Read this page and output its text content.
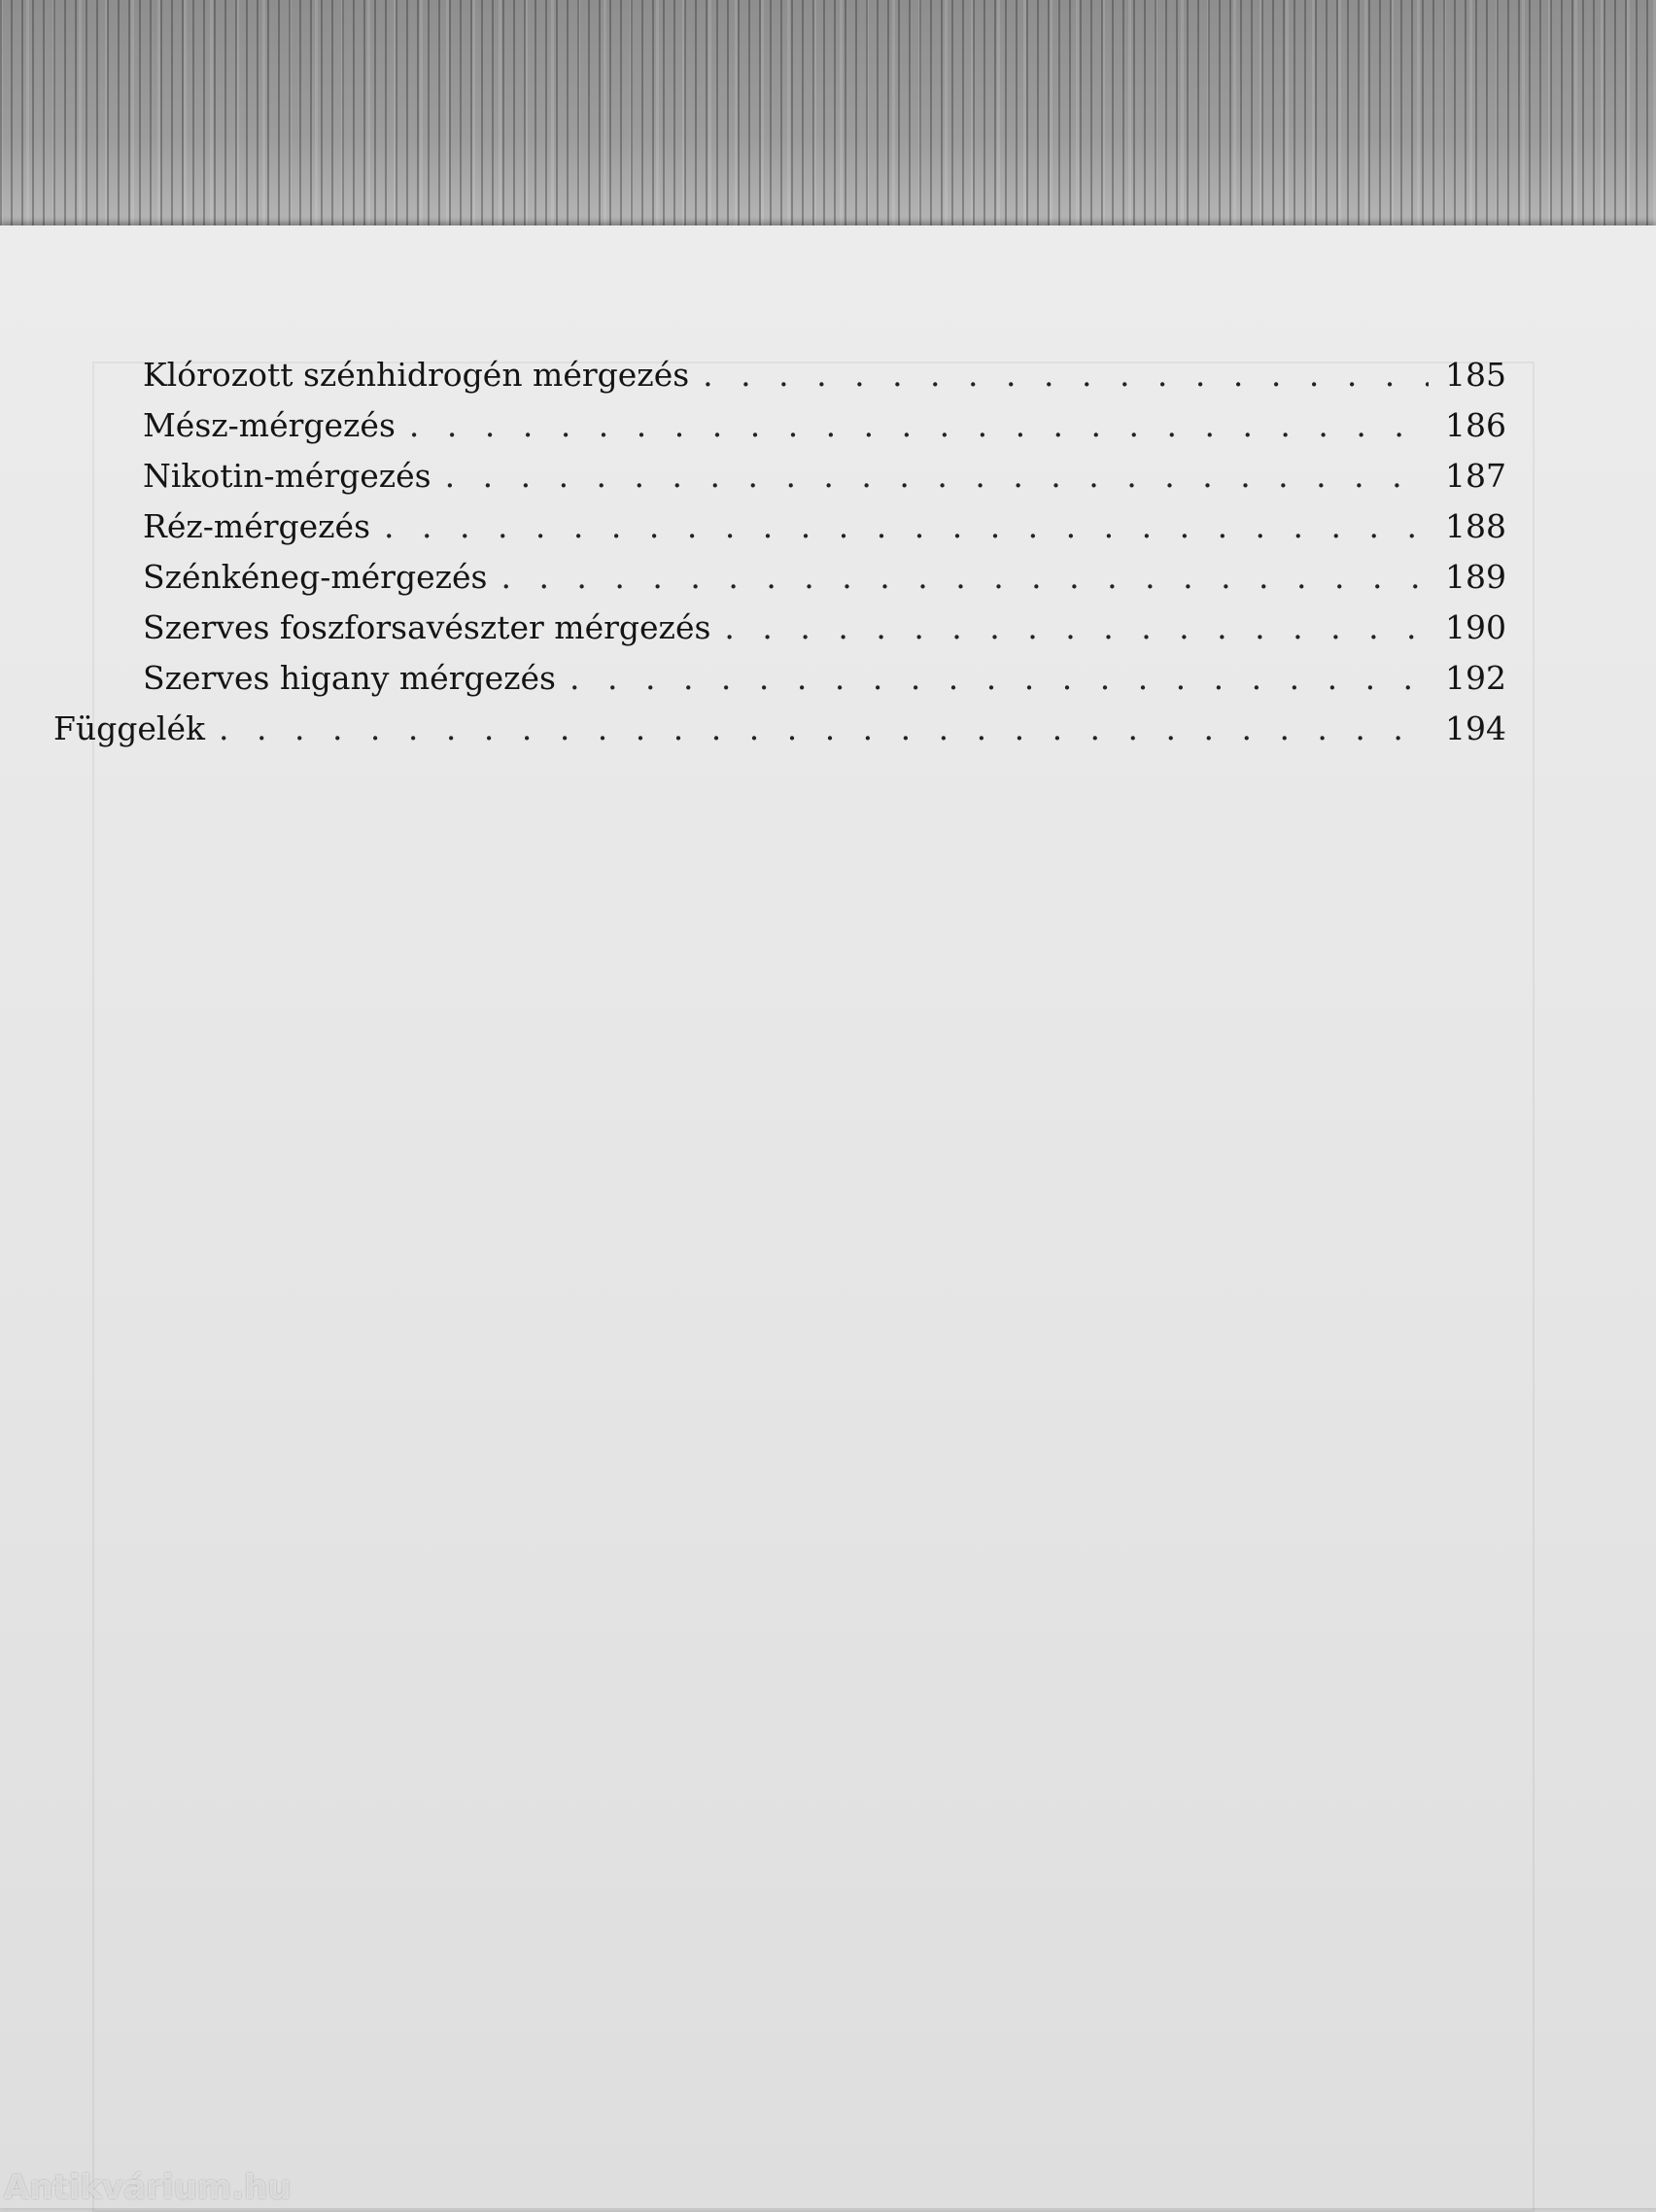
Klórozott szénhidrogén mérgezés . . .	185
Mész-mérgezés . . .	186
Nikotin-mérgezés . . .	187
Réz-mérgezés . . .	188
Szénkéneg-mérgezés . . .	189
Szerves foszforsavészter mérgezés . . .	190
Szerves higany mérgezés . . .	192
Függelék . . .	194
Antikvárium.hu
